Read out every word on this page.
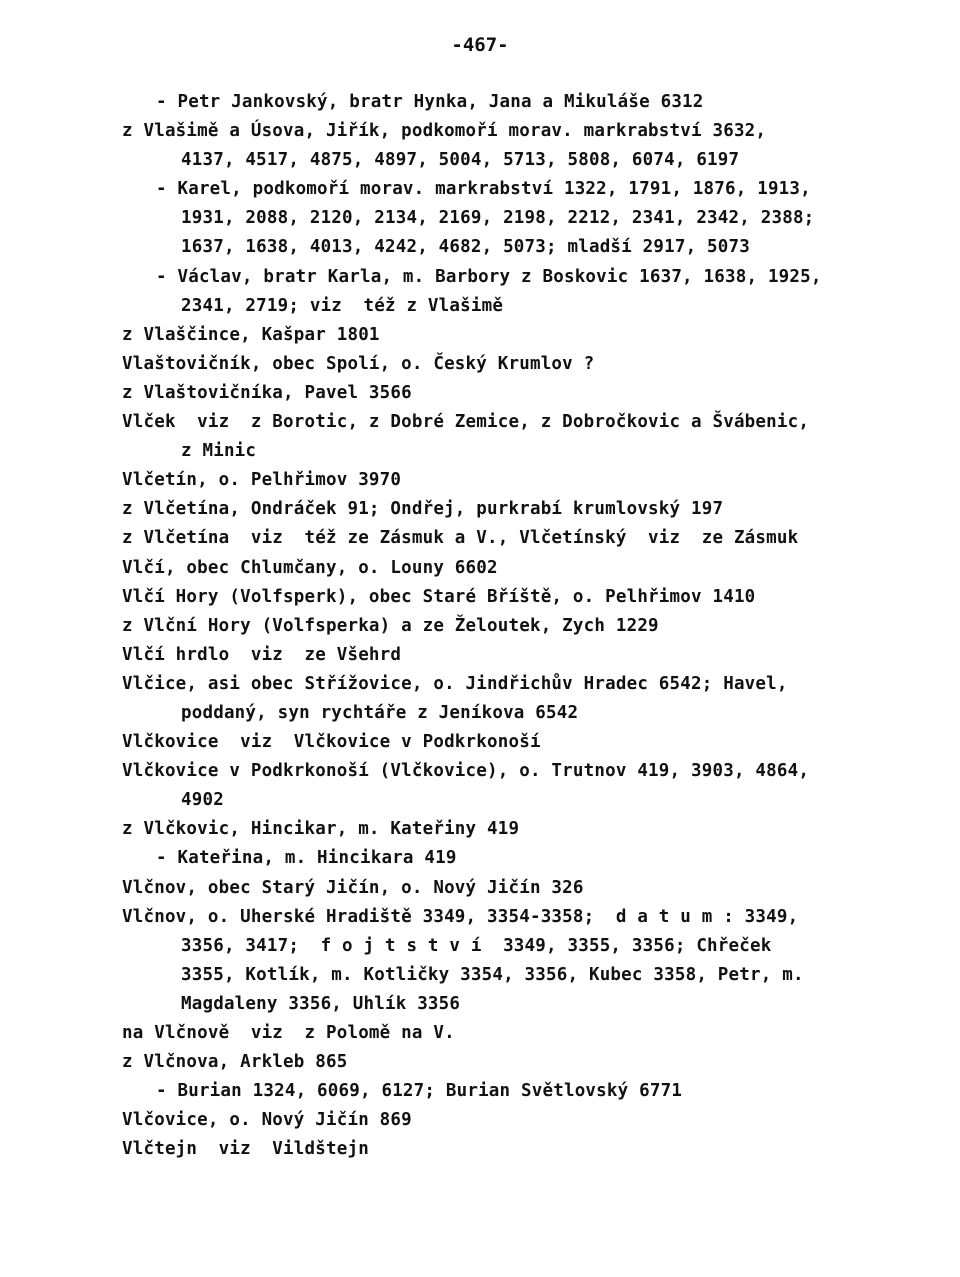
-467-
- Petr Jankovský, bratr Hynka, Jana a Mikuláše 6312
z Vlašimě a Úsova, Jiřík, podkomoří morav. markrabství 3632,
4137, 4517, 4875, 4897, 5004, 5713, 5808, 6074, 6197
- Karel, podkomoří morav. markrabství 1322, 1791, 1876, 1913,
1931, 2088, 2120, 2134, 2169, 2198, 2212, 2341, 2342, 2388;
1637, 1638, 4013, 4242, 4682, 5073; mladší 2917, 5073
- Václav, bratr Karla, m. Barbory z Boskovic 1637, 1638, 1925,
2341, 2719; viz  též z Vlašimě
z Vlaščince, Kašpar 1801
Vlaštovičník, obec Spolí, o. Český Krumlov ?
z Vlaštovičníka, Pavel 3566
Vlček  viz  z Borotic, z Dobré Zemice, z Dobročkovic a Švábenic,
z Minic
Vlčetín, o. Pelhřimov 3970
z Vlčetína, Ondráček 91; Ondřej, purkrabí krumlovský 197
z Vlčetína  viz  též ze Zásmuk a V., Vlčetínský  viz  ze Zásmuk
Vlčí, obec Chlumčany, o. Louny 6602
Vlčí Hory (Volfsperk), obec Staré Bříště, o. Pelhřimov 1410
z Vlční Hory (Volfsperka) a ze Želoutek, Zych 1229
Vlčí hrdlo  viz  ze Všehrd
Vlčice, asi obec Střížovice, o. Jindřichův Hradec 6542; Havel,
poddaný, syn rychtáře z Jeníkova 6542
Vlčkovice  viz  Vlčkovice v Podkrkonoší
Vlčkovice v Podkrkonoší (Vlčkovice), o. Trutnov 419, 3903, 4864,
4902
z Vlčkovic, Hincikar, m. Kateřiny 419
- Kateřina, m. Hincikara 419
Vlčnov, obec Starý Jičín, o. Nový Jičín 326
Vlčnov, o. Uherské Hradiště 3349, 3354-3358;  d a t u m : 3349,
3356, 3417;  f o j t s t v í  3349, 3355, 3356; Chřeček
3355, Kotlík, m. Kotličky 3354, 3356, Kubec 3358, Petr, m.
Magdaleny 3356, Uhlík 3356
na Vlčnově  viz  z Polomě na V.
z Vlčnova, Arkleb 865
- Burian 1324, 6069, 6127; Burian Světlovský 6771
Vlčovice, o. Nový Jičín 869
Vlčtejn  viz  Vildštejn
